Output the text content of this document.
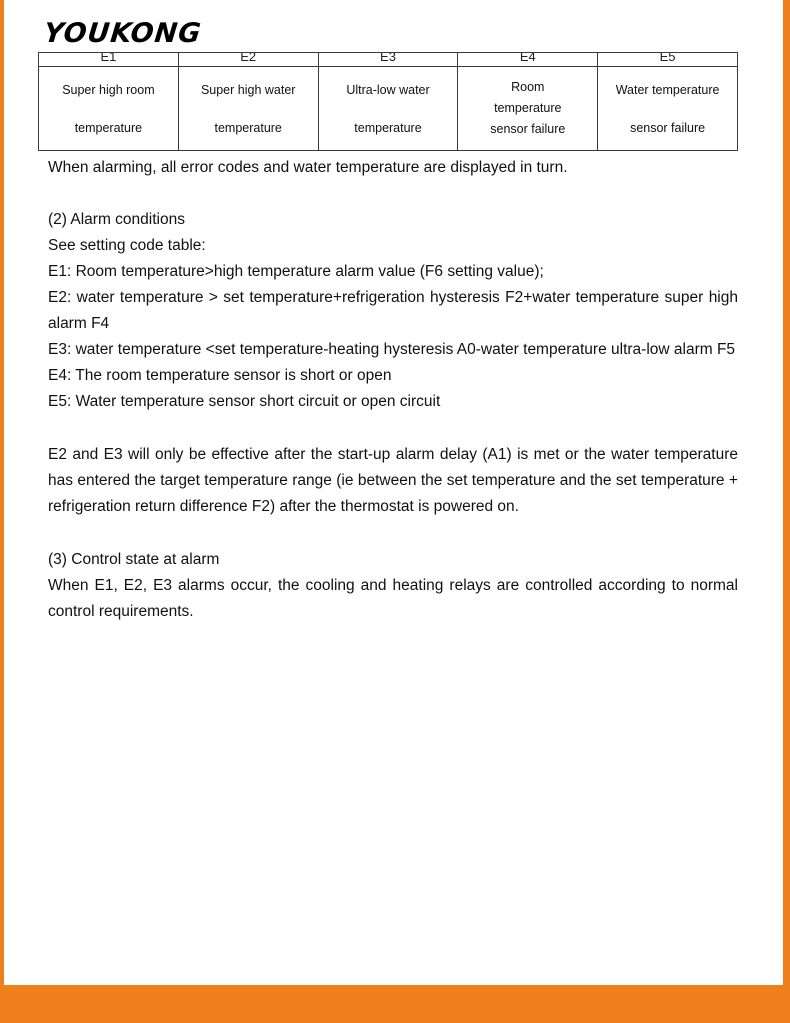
YOUKONG
E1	E2	E3	E4	E5

Super high room temperature	Super high water temperature	Ultra-low water temperature	Room temperature sensor failure	Water temperature sensor failure

When alarming, all error codes and water temperature are displayed in turn.

(2) Alarm conditions

See setting code table:

E1: Room temperature>high temperature alarm value (F6 setting value);

E2: water temperature > set temperature+refrigeration hysteresis F2+water temperature super high alarm F4

E3: water temperature <set temperature-heating hysteresis A0-water temperature ultra-low alarm F5

E4: The room temperature sensor is short or open

E5: Water temperature sensor short circuit or open circuit

E2 and E3 will only be effective after the start-up alarm delay (A1) is met or the water temperature has entered the target temperature range (ie between the set temperature and the set temperature + refrigeration return difference F2) after the thermostat is powered on.

(3) Control state at alarm

When E1, E2, E3 alarms occur, the cooling and heating relays are controlled according to normal control requirements.
